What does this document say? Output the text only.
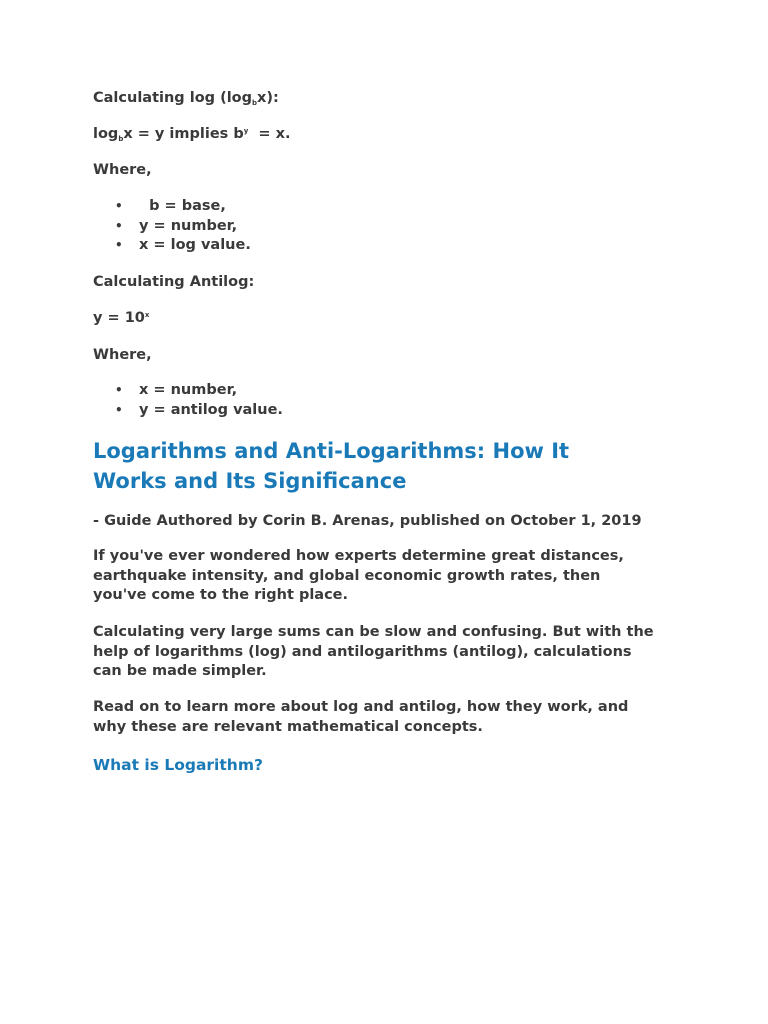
Calculating $\log (\log_bx)$:

$\log_bx = y$ implies $b^y = x$.

Where,

• b = base,
• y = number,
• x = log value.

Calculating Antilog:

$y = 10^x$

Where,

• x = number,
• y = antilog value.
Logarithms and Anti-Logarithms: How It
Works and Its Significance

- Guide Authored by Corin B. Arenas, published on October 1, 2019

If you've ever wondered how experts determine great distances,
earthquake intensity, and global economic growth rates, then
you've come to the right place.
Calculating very large sums can be slow and confusing. But with the
help of logarithms (log) and antilogarithms (antilog), calculations
can be made simpler.
Read on to learn more about log and antilog, how they work, and
why these are relevant mathematical concepts.
What is Logarithm?
